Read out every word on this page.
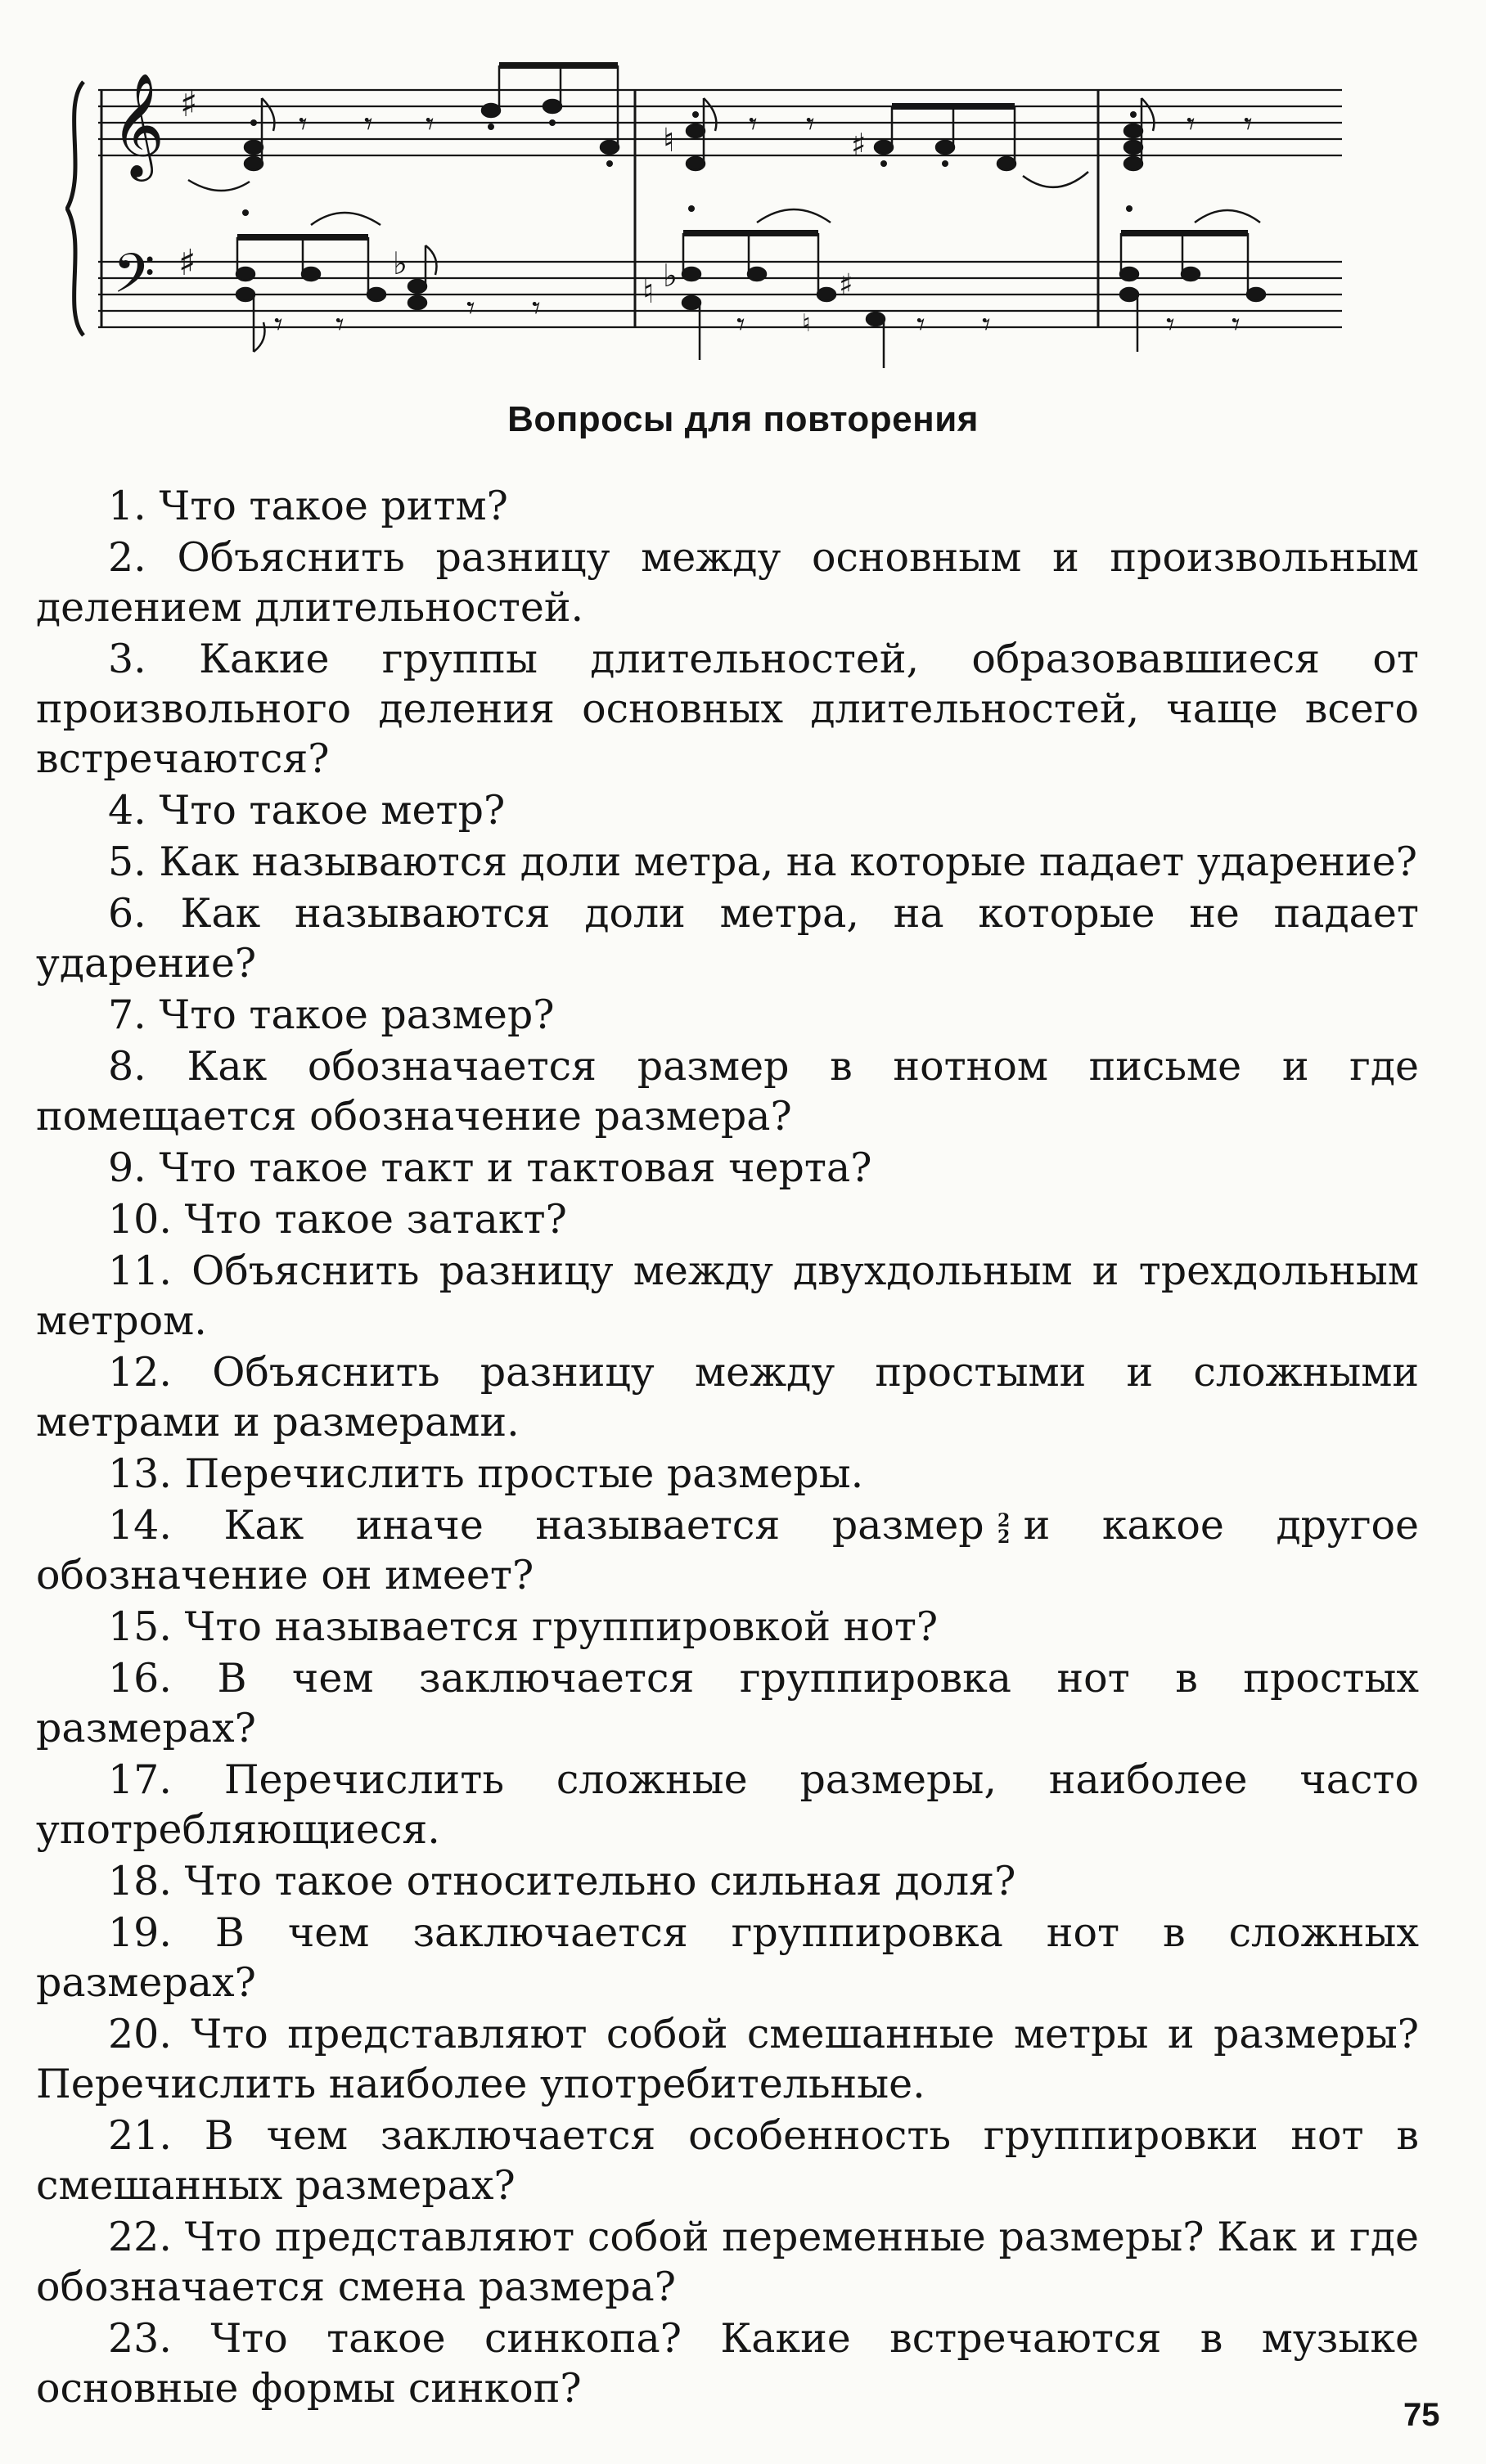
𝄞
𝄢
♯
♯
𝄾 𝄾 𝄾	♮ 𝄾 𝄾
♯
𝄾 𝄾
𝄾 𝄾
♭
𝄾 𝄾	♮ ♭
𝄾 ♮
♯
𝄾 𝄾	𝄾 𝄾
Вопросы для повторения

1. Что такое ритм?

2. Объяснить разницу между основным и произвольным делением длительностей.

3. Какие группы длительностей, образовавшиеся от произвольного деления основных длительностей, чаще всего встречаются?

4. Что такое метр?

5. Как называются доли метра, на которые падает ударение?

6. Как называются доли метра, на которые не падает ударение?

7. Что такое размер?

8. Как обозначается размер в нотном письме и где помещается обозначение размера?

9. Что такое такт и тактовая черта?

10. Что такое затакт?

11. Объяснить разницу между двухдольным и трехдольным метром.

12. Объяснить разницу между простыми и сложными метрами и размерами.

13. Перечислить простые размеры.

14. Как иначе называется размер 2
2 и какое другое обозначение он имеет?

15. Что называется группировкой нот?

16. В чем заключается группировка нот в простых размерах?

17. Перечислить сложные размеры, наиболее часто употребляющиеся.

18. Что такое относительно сильная доля?

19. В чем заключается группировка нот в сложных размерах?

20. Что представляют собой смешанные метры и размеры? Перечислить наиболее употребительные.

21. В чем заключается особенность группировки нот в смешанных размерах?

22. Что представляют собой переменные размеры? Как и где обозначается смена размера?

23. Что такое синкопа? Какие встречаются в музыке основные формы синкоп?

75
